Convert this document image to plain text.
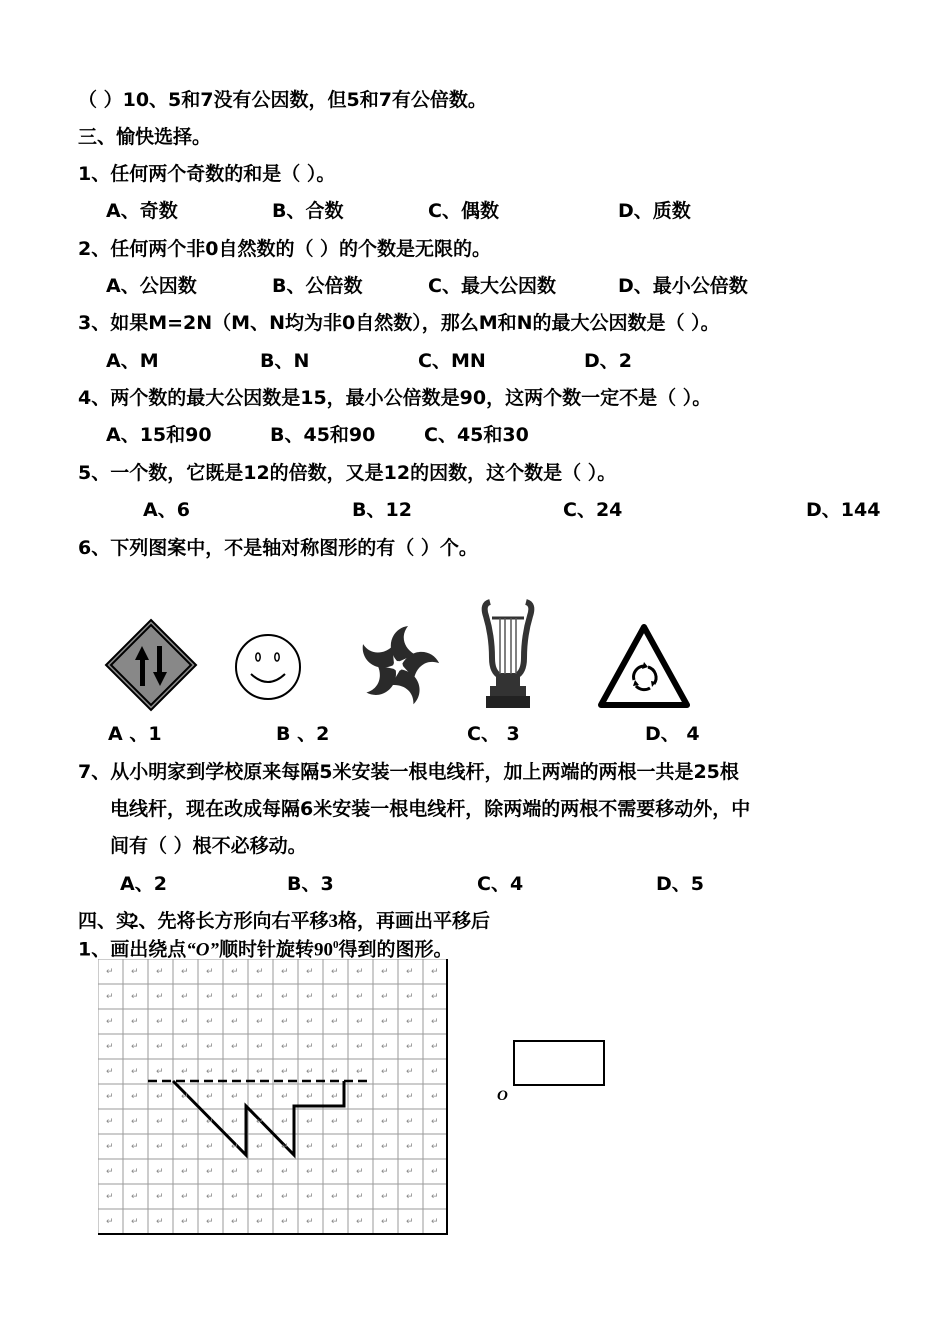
（ ）10、5和7没有公因数，但5和7有公倍数。
三、愉快选择。
1、任何两个奇数的和是（ ）。
A、奇数	B、合数	C、偶数	D、质数
2、任何两个非0自然数的（ ）的个数是无限的。
A、公因数	B、公倍数	C、最大公因数	D、最小公倍数
3、如果M=2N（M、N均为非0自然数），那么M和N的最大公因数是（ ）。
A、M	B、N	C、MN	D、2
4、两个数的最大公因数是15，最小公倍数是90，这两个数一定不是（ ）。
A、15和90	B、45和90	C、45和30
5、一个数，它既是12的倍数，又是12的因数，这个数是（ ）。
A、6	B、12	C、24	D、144
6、下列图案中，不是轴对称图形的有（ ）个。
A 、1	B 、2	C、 3	D、 4
7、从小明家到学校原来每隔5米安装一根电线杆，加上两端的两根一共是25根
电线杆，现在改成每隔6米安装一根电线杆，除两端的两根不需要移动外，中
间有（ ）根不必移动。
A、2	B、3	C、4	D、5
四、实2、先将长方形向右平移3格，再画出平移后
1、画出绕点“O”顺时针旋转$90^0$得到的图形。
↵ ↵ ↵ ↵ ↵ ↵ ↵ ↵ ↵ ↵ ↵ ↵ ↵ ↵
↵ ↵ ↵ ↵ ↵ ↵ ↵ ↵ ↵ ↵ ↵ ↵ ↵ ↵
↵ ↵ ↵ ↵ ↵ ↵ ↵ ↵ ↵ ↵ ↵ ↵ ↵ ↵
↵ ↵ ↵ ↵ ↵ ↵ ↵ ↵ ↵ ↵ ↵ ↵ ↵ ↵
↵ ↵ ↵ ↵ ↵ ↵ ↵ ↵ ↵ ↵ ↵ ↵ ↵ ↵
↵ ↵ ↵ ↵ ↵ ↵ ↵ ↵ ↵ ↵ ↵ ↵ ↵ ↵
↵ ↵ ↵ ↵ ↵ ↵ ↵ ↵ ↵ ↵ ↵ ↵ ↵ ↵
↵ ↵ ↵ ↵ ↵ ↵ ↵ ↵ ↵ ↵ ↵ ↵ ↵ ↵
↵ ↵ ↵ ↵ ↵ ↵ ↵ ↵ ↵ ↵ ↵ ↵ ↵ ↵
↵ ↵ ↵ ↵ ↵ ↵ ↵ ↵ ↵ ↵ ↵ ↵ ↵ ↵
↵ ↵ ↵ ↵ ↵ ↵ ↵ ↵ ↵ ↵ ↵ ↵ ↵ ↵
O
